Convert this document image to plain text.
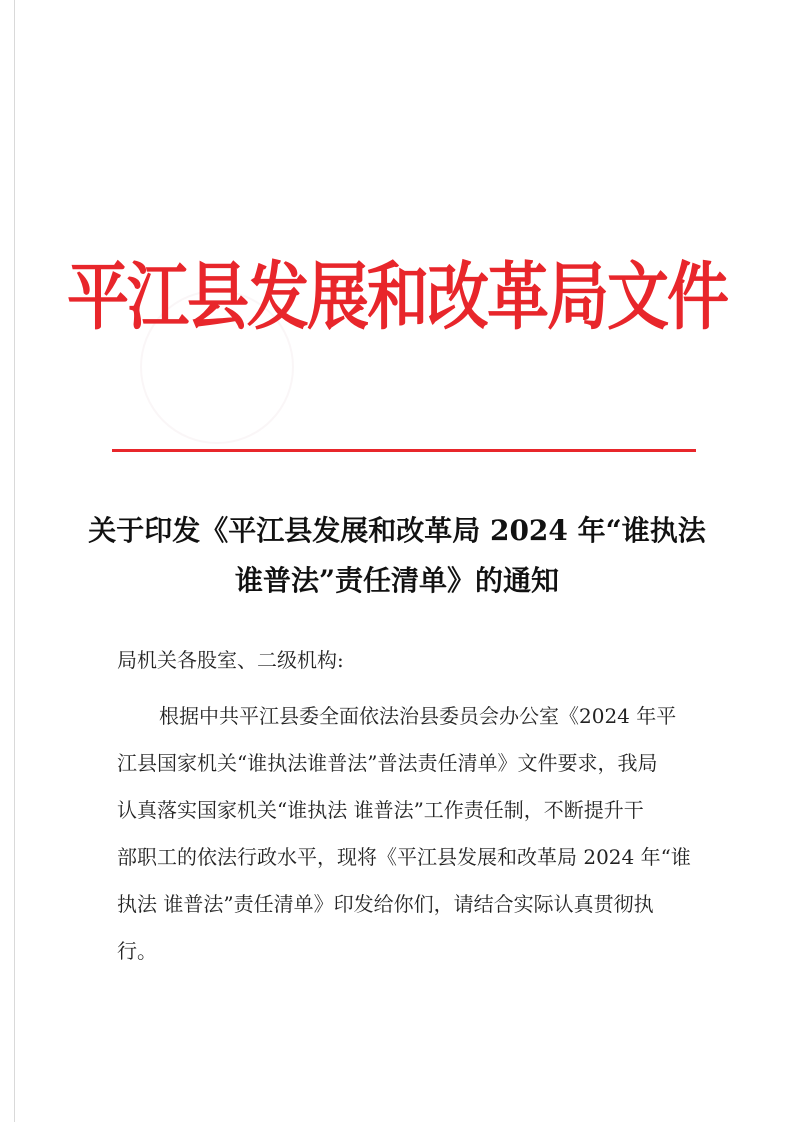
平江县发展和改革局文件
关于印发《平江县发展和改革局 2024 年“谁执法
谁普法”责任清单》的通知
局机关各股室、二级机构:
根据中共平江县委全面依法治县委员会办公室《2024 年平
江县国家机关“谁执法谁普法”普法责任清单》文件要求，我局
认真落实国家机关“谁执法 谁普法”工作责任制，不断提升干
部职工的依法行政水平，现将《平江县发展和改革局 2024 年“谁
执法 谁普法”责任清单》印发给你们，请结合实际认真贯彻执
行。
